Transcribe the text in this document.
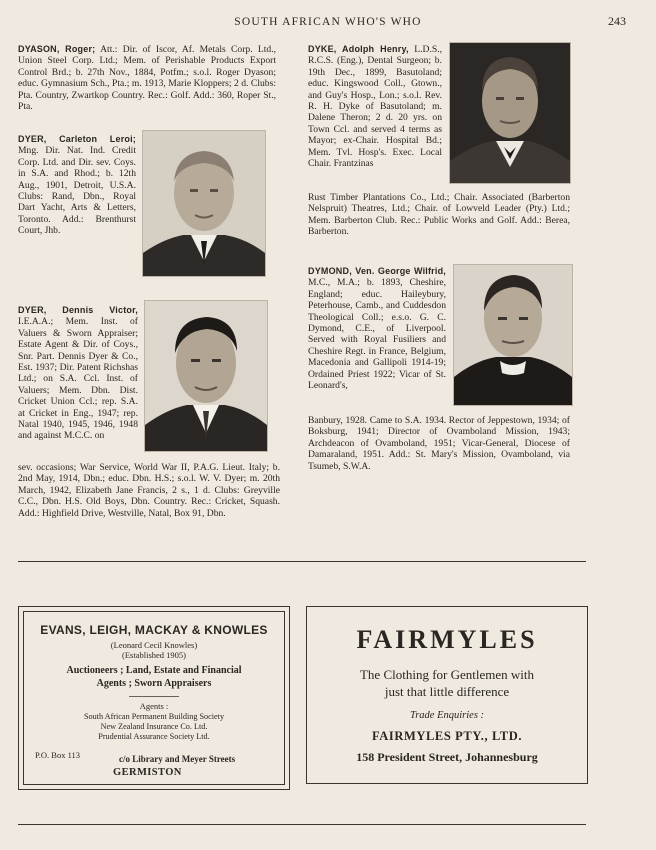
SOUTH AFRICAN WHO'S WHO	243
DYASON, Roger; Att.: Dir. of Iscor, Af. Metals Corp. Ltd., Union Steel Corp. Ltd.; Mem. of Perishable Products Export Control Brd.; b. 27th Nov., 1884, Potfm.; s.o.l. Roger Dyason; educ. Gymnasium Sch., Pta.; m. 1913, Marie Kloppers; 2 d. Clubs: Pta. Country, Zwartkop Country. Rec.: Golf. Add.: 360, Roper St., Pta.
DYER, Carleton Leroi; Mng. Dir. Nat. Ind. Credit Corp. Ltd. and Dir. sev. Coys. in S.A. and Rhod.; b. 12th Aug., 1901, Detroit, U.S.A. Clubs: Rand, Dbn., Royal Dart Yacht, Arts & Letters, Toronto. Add.: Brenthurst Court, Jhb.
DYER, Dennis Victor, I.E.A.A.; Mem. Inst. of Valuers & Sworn Appraiser; Estate Agent & Dir. of Coys., Snr. Part. Dennis Dyer & Co., Est. 1937; Dir. Patent Richshas Ltd.; on S.A. Ccl. Inst. of Valuers; Mem. Dbn. Dist. Cricket Union Ccl.; rep. S.A. at Cricket in Eng., 1947; rep. Natal 1940, 1945, 1946, 1948 and against M.C.C. on
sev. occasions; War Service, World War II, P.A.G. Lieut. Italy; b. 2nd May, 1914, Dbn.; educ. Dbn. H.S.; s.o.l. W. V. Dyer; m. 20th March, 1942, Elizabeth Jane Francis, 2 s., 1 d. Clubs: Greyville C.C., Dbn. H.S. Old Boys, Dbn. Country. Rec.: Cricket, Squash. Add.: Highfield Drive, Westville, Natal, Box 91, Dbn.
DYKE, Adolph Henry, L.D.S., R.C.S. (Eng.), Dental Surgeon; b. 19th Dec., 1899, Basutoland; educ. Kingswood Coll., Gtown., and Guy's Hosp., Lon.; s.o.l. Rev. R. H. Dyke of Basutoland; m. Dalene Theron; 2 d. 20 yrs. on Town Ccl. and served 4 terms as Mayor; ex-Chair. Hospital Bd.; Mem. Tvl. Hosp's. Exec. Local Chair. Frantzinas
Rust Timber Plantations Co., Ltd.; Chair. Associated (Barberton Nelspruit) Theatres, Ltd.; Chair. of Lowveld Leader (Pty.) Ltd.; Mem. Barberton Club. Rec.: Public Works and Golf. Add.: Berea, Barberton.
DYMOND, Ven. George Wilfrid, M.C., M.A.; b. 1893, Cheshire, England; educ. Haileybury, Peterhouse, Camb., and Cuddesdon Theological Coll.; e.s.o. G. C. Dymond, C.E., of Liverpool. Served with Royal Fusiliers and Cheshire Regt. in France, Belgium, Macedonia and Gallipoli 1914-19; Ordained Priest 1922; Vicar of St. Leonard's,
Banbury, 1928. Came to S.A. 1934. Rector of Jeppestown, 1934; of Boksburg, 1941; Director of Ovamboland Mission, 1943; Archdeacon of Ovamboland, 1951; Vicar-General, Diocese of Damaraland, 1951. Add.: St. Mary's Mission, Ovamboland, via Tsumeb, S.W.A.
EVANS, LEIGH, MACKAY & KNOWLES
(Leonard Cecil Knowles)
(Established 1905)
Auctioneers ; Land, Estate and Financial
Agents ; Sworn Appraisers
Agents :
South African Permanent Building Society
New Zealand Insurance Co. Ltd.
Prudential Assurance Society Ltd.
P.O. Box 113	c/o Library and Meyer Streets
GERMISTON
FAIRMYLES
The Clothing for Gentlemen with
just that little difference
Trade Enquiries :
FAIRMYLES PTY., LTD.
158 President Street, Johannesburg
